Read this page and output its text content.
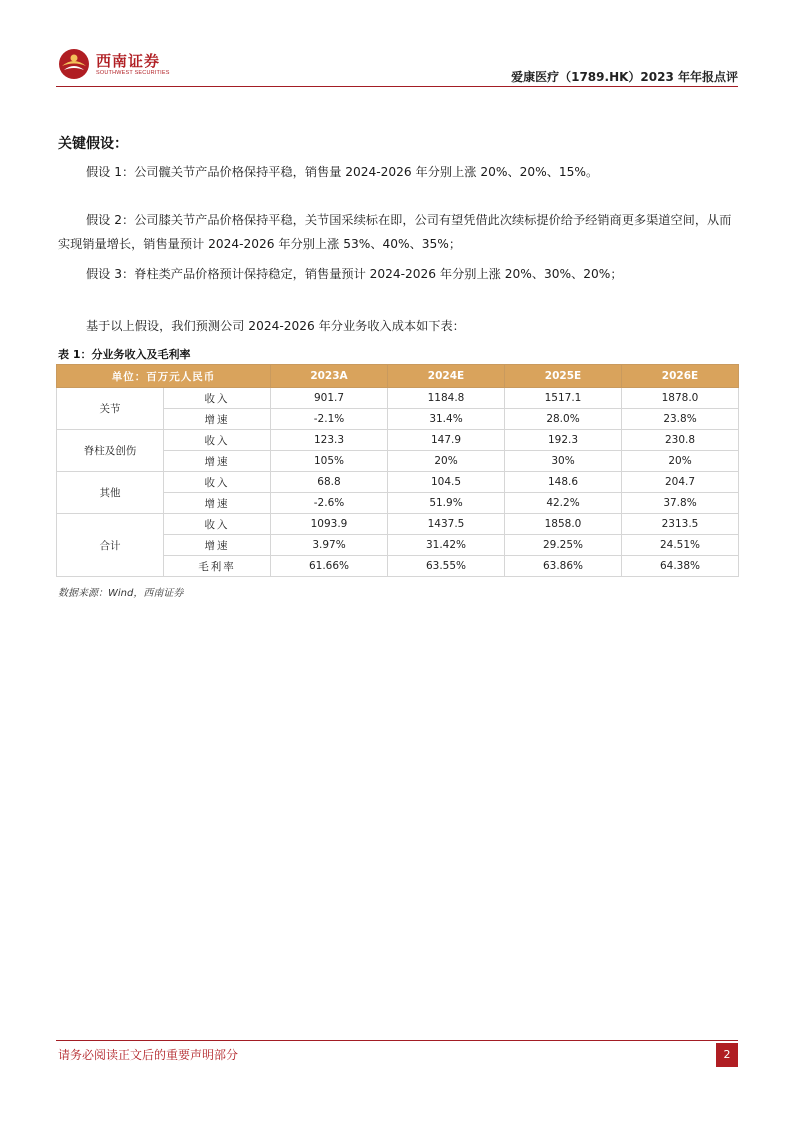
西南证券
SOUTHWEST SECURITIES	爱康医疗（1789.HK）2023 年年报点评
关键假设：
假设 1：公司髋关节产品价格保持平稳，销售量 2024-2026 年分别上涨 20%、20%、15%。
假设 2：公司膝关节产品价格保持平稳，关节国采续标在即，公司有望凭借此次续标提价给予经销商更多渠道空间，从而实现销量增长，销售量预计 2024-2026 年分别上涨 53%、40%、35%；
假设 3：脊柱类产品价格预计保持稳定，销售量预计 2024-2026 年分别上涨 20%、30%、20%；
基于以上假设，我们预测公司 2024-2026 年分业务收入成本如下表：
表 1：分业务收入及毛利率
单位：百万元人民币		2023A	2024E	2025E	2026E
关节	收入	901.7	1184.8	1517.1	1878.0
	增速	-2.1%	31.4%	28.0%	23.8%
脊柱及创伤	收入	123.3	147.9	192.3	230.8
	增速	105%	20%	30%	20%
其他	收入	68.8	104.5	148.6	204.7
	增速	-2.6%	51.9%	42.2%	37.8%
合计	收入	1093.9	1437.5	1858.0	2313.5
	增速	3.97%	31.42%	29.25%	24.51%
	毛利率	61.66%	63.55%	63.86%	64.38%
数据来源：Wind，西南证券
请务必阅读正文后的重要声明部分	2
